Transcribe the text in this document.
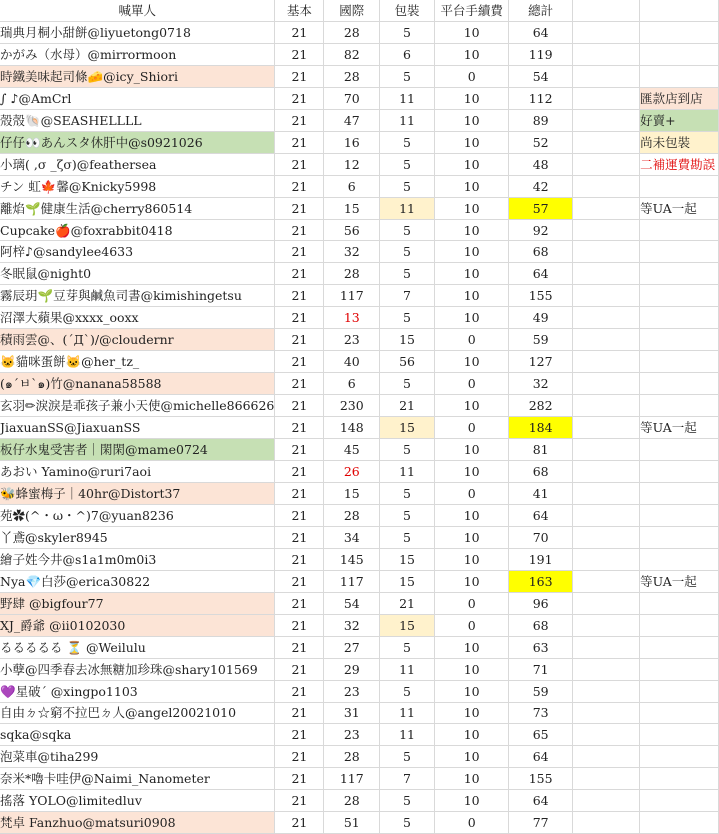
喊單人	基本	國際	包裝	平台手續費	總計		
瑞典月桐小甜餅@liyuetong0718	21	28	5	10	64		
かがみ（水母）@mirrormoon	21	82	6	10	119		
時鐵美味起司條🧀@icy_Shiori	21	28	5	0	54		
∫ ♪@AmCrl	21	70	11	10	112		匯款店到店
殼殼🐚@SEASHELLLL	21	47	11	10	89		好賣+
仔仔👀あんスタ休肝中@s0921026	21	16	5	10	52		尚未包裝
小璃( ,σ _ζσ)@feathersea	21	12	5	10	48		二補運費勘誤
チン 虹🍁馨@Knicky5998	21	6	5	10	42		
離焰🌱健康生活@cherry860514	21	15	11	10	57		等UA一起
Cupcake🍎@foxrabbit0418	21	56	5	10	92		
阿梓♪@sandylee4633	21	32	5	10	68		
冬眠鼠@night0	21	28	5	10	64		
霧辰玥🌱豆芽與鹹魚司書@kimishingetsu	21	117	7	10	155		
沼澤大蘋果@xxxx_ooxx	21	13	5	10	49		
積雨雲@、(ˊДˋ)/@cloudernr	21	23	15	0	59		
🐱貓咪蛋餅🐱@her_tz_	21	40	56	10	127		
(๑ˊㅂˋ๑)竹@nanana58588	21	6	5	0	32		
玄羽✏淚淚是乖孩子兼小天使@michelle866626	21	230	21	10	282		
JiaxuanSS@JiaxuanSS	21	148	15	0	184		等UA一起
板仔水鬼受害者｜閑閑@mame0724	21	45	5	10	81		
あおい Yamino@ruri7aoi	21	26	11	10	68		
🐝蜂蜜梅子｜40hr@Distort37	21	15	5	0	41		
苑✿(^・ω・^)7@yuan8236	21	28	5	10	64		
丫鳶@skyler8945	21	34	5	10	70		
繪子姓今井@s1a1m0m0i3	21	145	15	10	191		
Nya💎白莎@erica30822	21	117	15	10	163		等UA一起
野肆 @bigfour77	21	54	21	0	96		
XJ_爵爺 @ii0102030	21	32	15	0	68		
るるるるる ⏳ @Weilulu	21	27	5	10	63		
小孽@四季春去冰無糖加珍珠@shary101569	21	29	11	10	71		
💜星破ˊ @xingpo1103	21	23	5	10	59		
自由ㄉ☆窮不拉巴ㄉ人@angel20021010	21	31	11	10	73		
sqka@sqka	21	23	11	10	65		
泡菜車@tiha299	21	28	5	10	64		
奈米*嚕卡哇伊@Naimi_Nanometer	21	117	7	10	155		
搖落 YOLO@limitedluv	21	28	5	10	64		
梵卓 Fanzhuo@matsuri0908	21	51	5	0	77		
